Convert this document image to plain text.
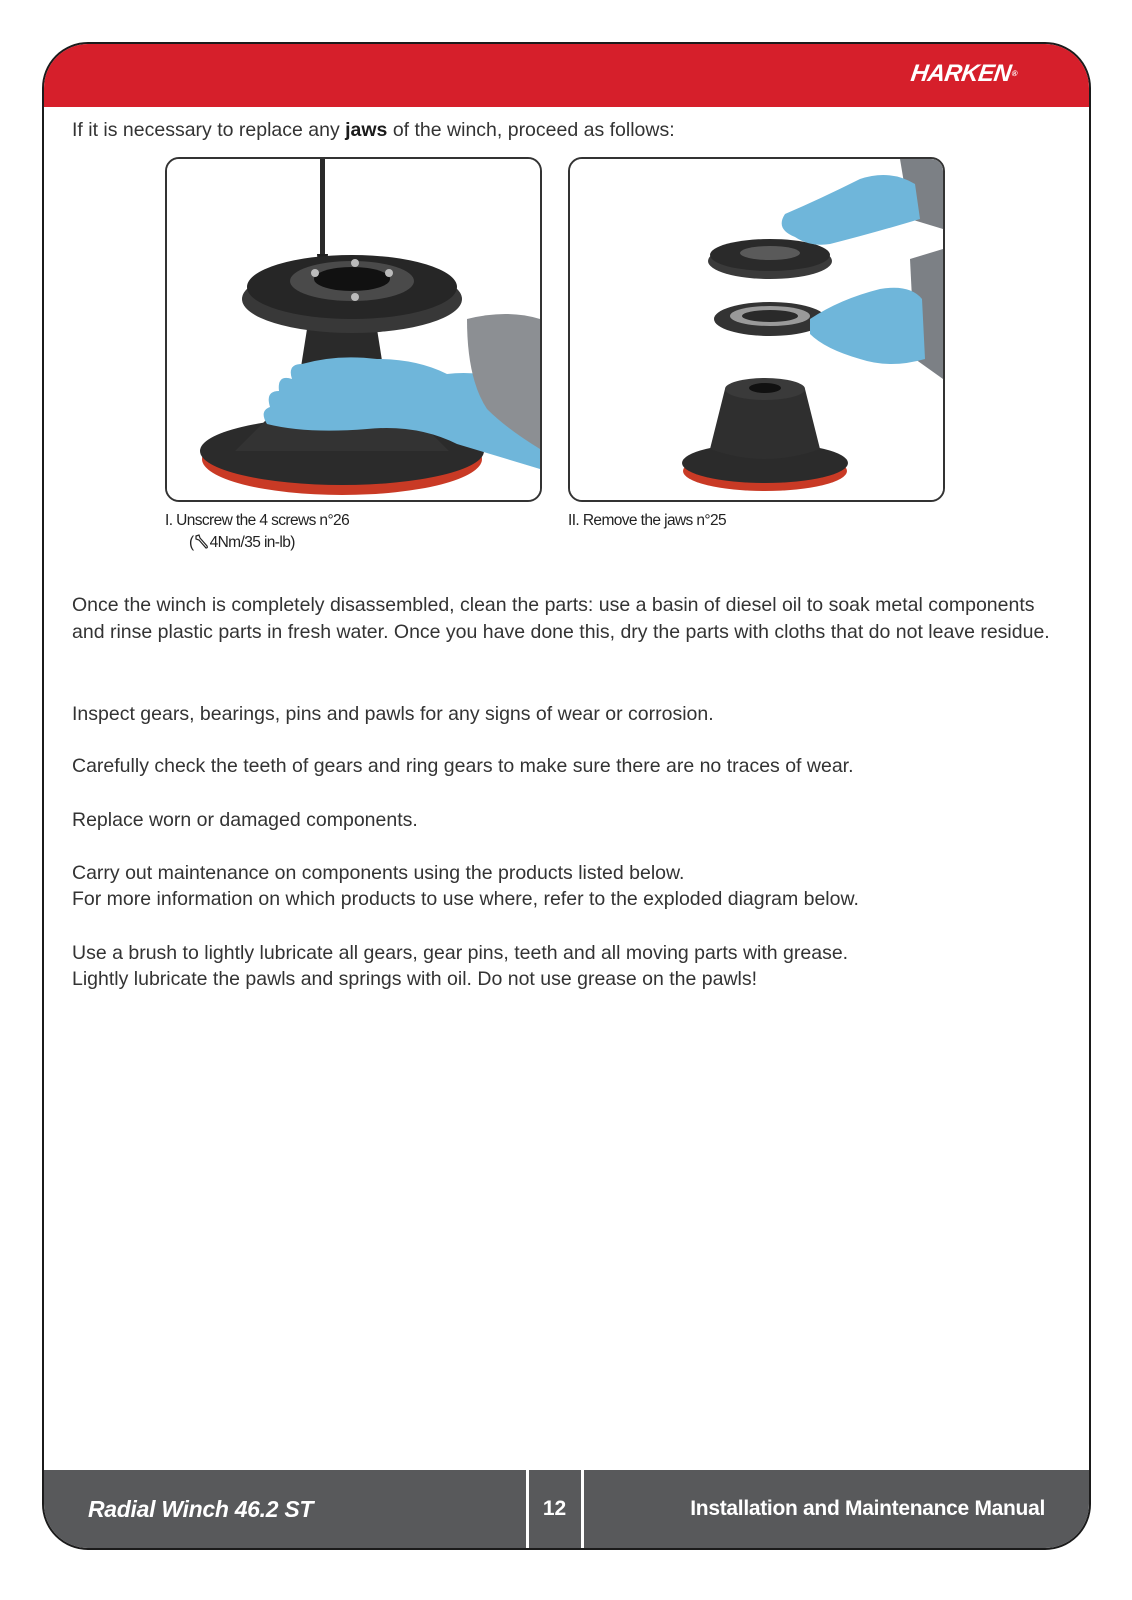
HARKEN®

If it is necessary to replace any jaws of the winch, proceed as follows:

I. Unscrew the 4 screws n°26
( 4Nm/35 in-lb)
II. Remove the jaws n°25

Once the winch is completely disassembled, clean the parts: use a basin of diesel oil to soak metal components and rinse plastic parts in fresh water. Once you have done this, dry the parts with cloths that do not leave residue.

Inspect gears, bearings, pins and pawls for any signs of wear or corrosion.

Carefully check the teeth of gears and ring gears to make sure there are no traces of wear.

Replace worn or damaged components.

Carry out maintenance on components using the products listed below.

For more information on which products to use where, refer to the exploded diagram below.

Use a brush to lightly lubricate all gears, gear pins, teeth and all moving parts with grease.

Lightly lubricate the pawls and springs with oil. Do not use grease on the pawls!

Radial Winch 46.2 ST	12	Installation and Maintenance Manual
